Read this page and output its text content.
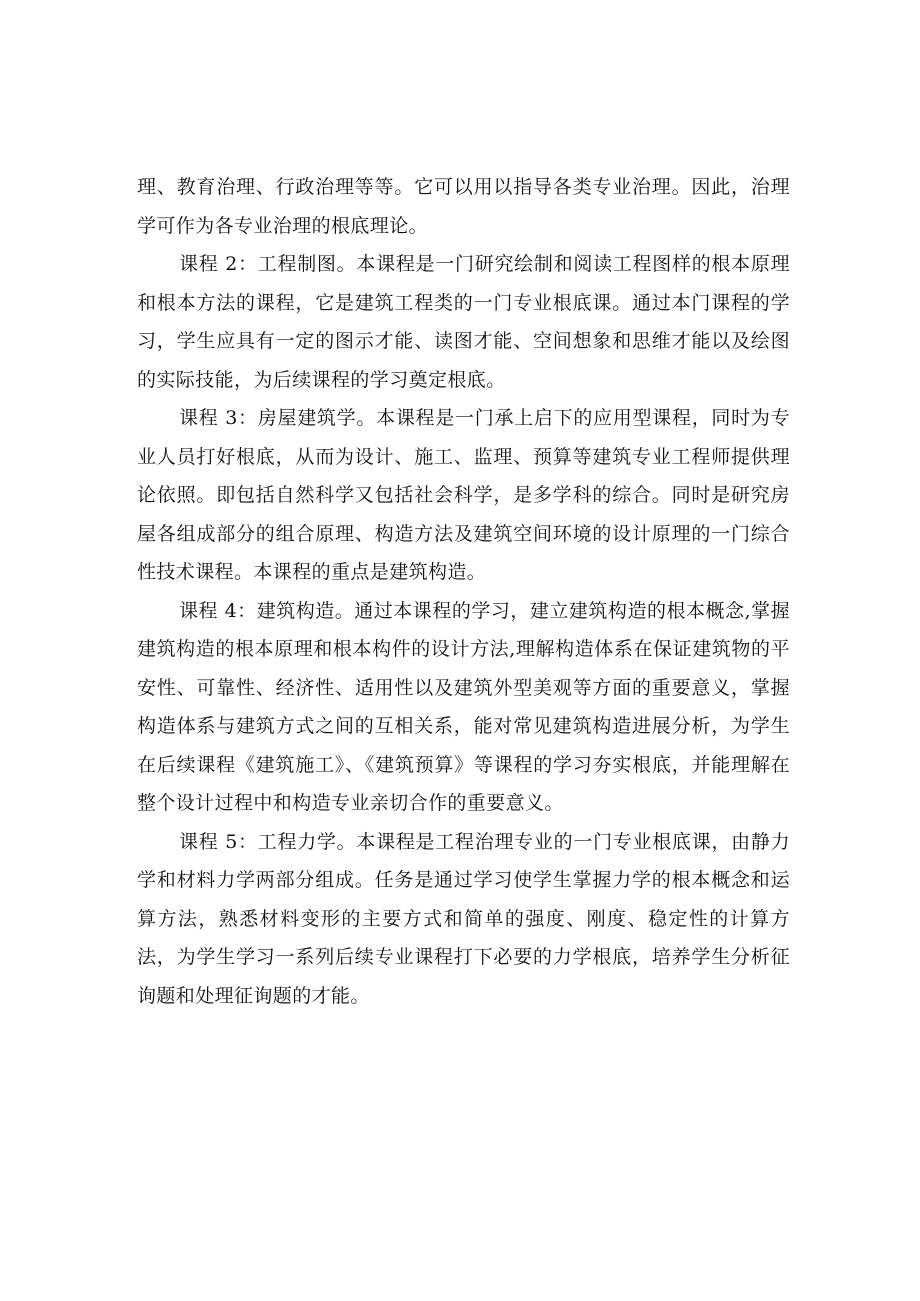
理、教育治理、行政治理等等。它可以用以指导各类专业治理。因此，治理学可作为各专业治理的根底理论。

课程 2：工程制图。本课程是一门研究绘制和阅读工程图样的根本原理和根本方法的课程，它是建筑工程类的一门专业根底课。通过本门课程的学习，学生应具有一定的图示才能、读图才能、空间想象和思维才能以及绘图的实际技能，为后续课程的学习奠定根底。

课程 3：房屋建筑学。本课程是一门承上启下的应用型课程，同时为专业人员打好根底，从而为设计、施工、监理、预算等建筑专业工程师提供理论依照。即包括自然科学又包括社会科学，是多学科的综合。同时是研究房屋各组成部分的组合原理、构造方法及建筑空间环境的设计原理的一门综合性技术课程。本课程的重点是建筑构造。

课程 4：建筑构造。通过本课程的学习，建立建筑构造的根本概念,掌握建筑构造的根本原理和根本构件的设计方法,理解构造体系在保证建筑物的平安性、可靠性、经济性、适用性以及建筑外型美观等方面的重要意义，掌握构造体系与建筑方式之间的互相关系，能对常见建筑构造进展分析，为学生在后续课程《建筑施工》、《建筑预算》等课程的学习夯实根底，并能理解在整个设计过程中和构造专业亲切合作的重要意义。

课程 5：工程力学。本课程是工程治理专业的一门专业根底课，由静力学和材料力学两部分组成。任务是通过学习使学生掌握力学的根本概念和运算方法，熟悉材料变形的主要方式和简单的强度、刚度、稳定性的计算方法，为学生学习一系列后续专业课程打下必要的力学根底，培养学生分析征询题和处理征询题的才能。
